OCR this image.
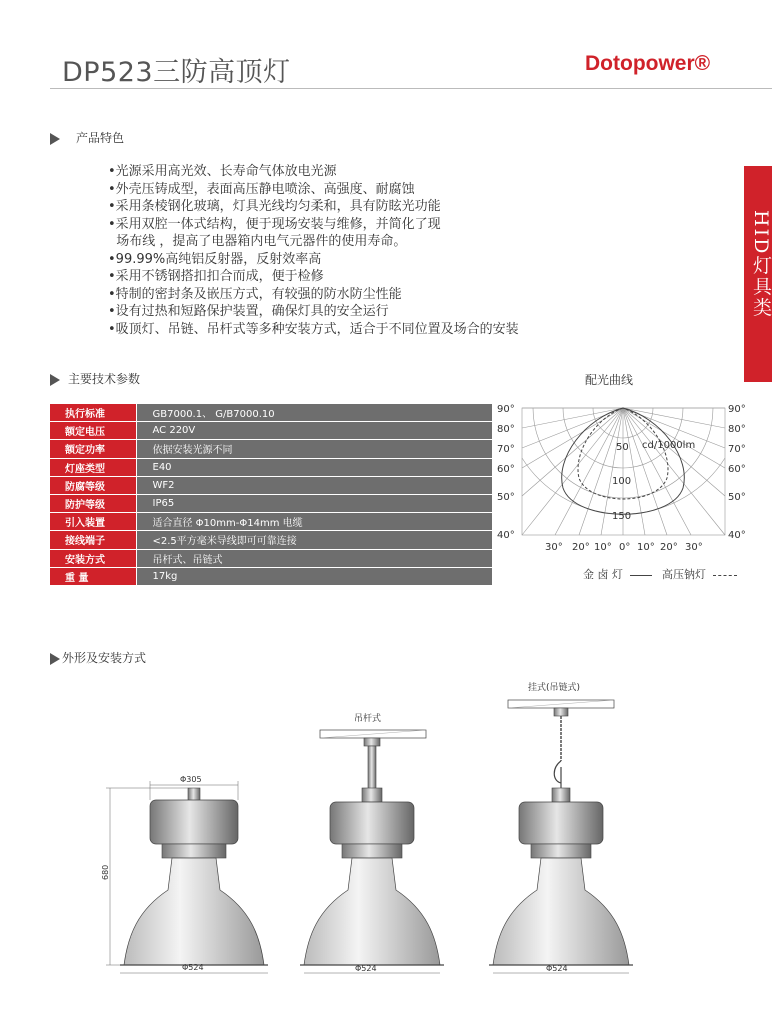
DP523三防高顶灯	Dotopower®
HID灯具类
产品特色
•光源采用高光效、长寿命气体放电光源
•外壳压铸成型，表面高压静电喷涂、高强度、耐腐蚀
•采用条棱钢化玻璃，灯具光线均匀柔和，具有防眩光功能
•采用双腔一体式结构，便于现场安装与维修，并简化了现
场布线 ，提高了电器箱内电气元器件的使用寿命。
•99.99%高纯铝反射器，反射效率高
•采用不锈钢搭扣扣合而成，便于检修
•特制的密封条及嵌压方式，有较强的防水防尘性能
•设有过热和短路保护装置，确保灯具的安全运行
•吸顶灯、吊链、吊杆式等多种安装方式，适合于不同位置及场合的安装
主要技术参数
执行标准	GB7000.1、 G/B7000.10
额定电压	AC 220V
额定功率	依据安装光源不同
灯座类型	E40
防腐等级	WF2
防护等级	IP65
引入装置	适合直径 Φ10mm-Φ14mm 电缆
接线端子	<2.5平方毫米导线即可可靠连接
安装方式	吊杆式、吊链式
重 量	17kg
配光曲线
90°
80°
70°
60°
50°
40°
90°
80°
70°
60°
50°
40°
30° 20° 10° 0° 10° 20° 30°
50
100
150
cd/1000lm
金 卤 灯	高压钠灯
外形及安装方式
Φ305
680
Φ524
吊杆式
Φ524
挂式(吊链式)
Φ524
